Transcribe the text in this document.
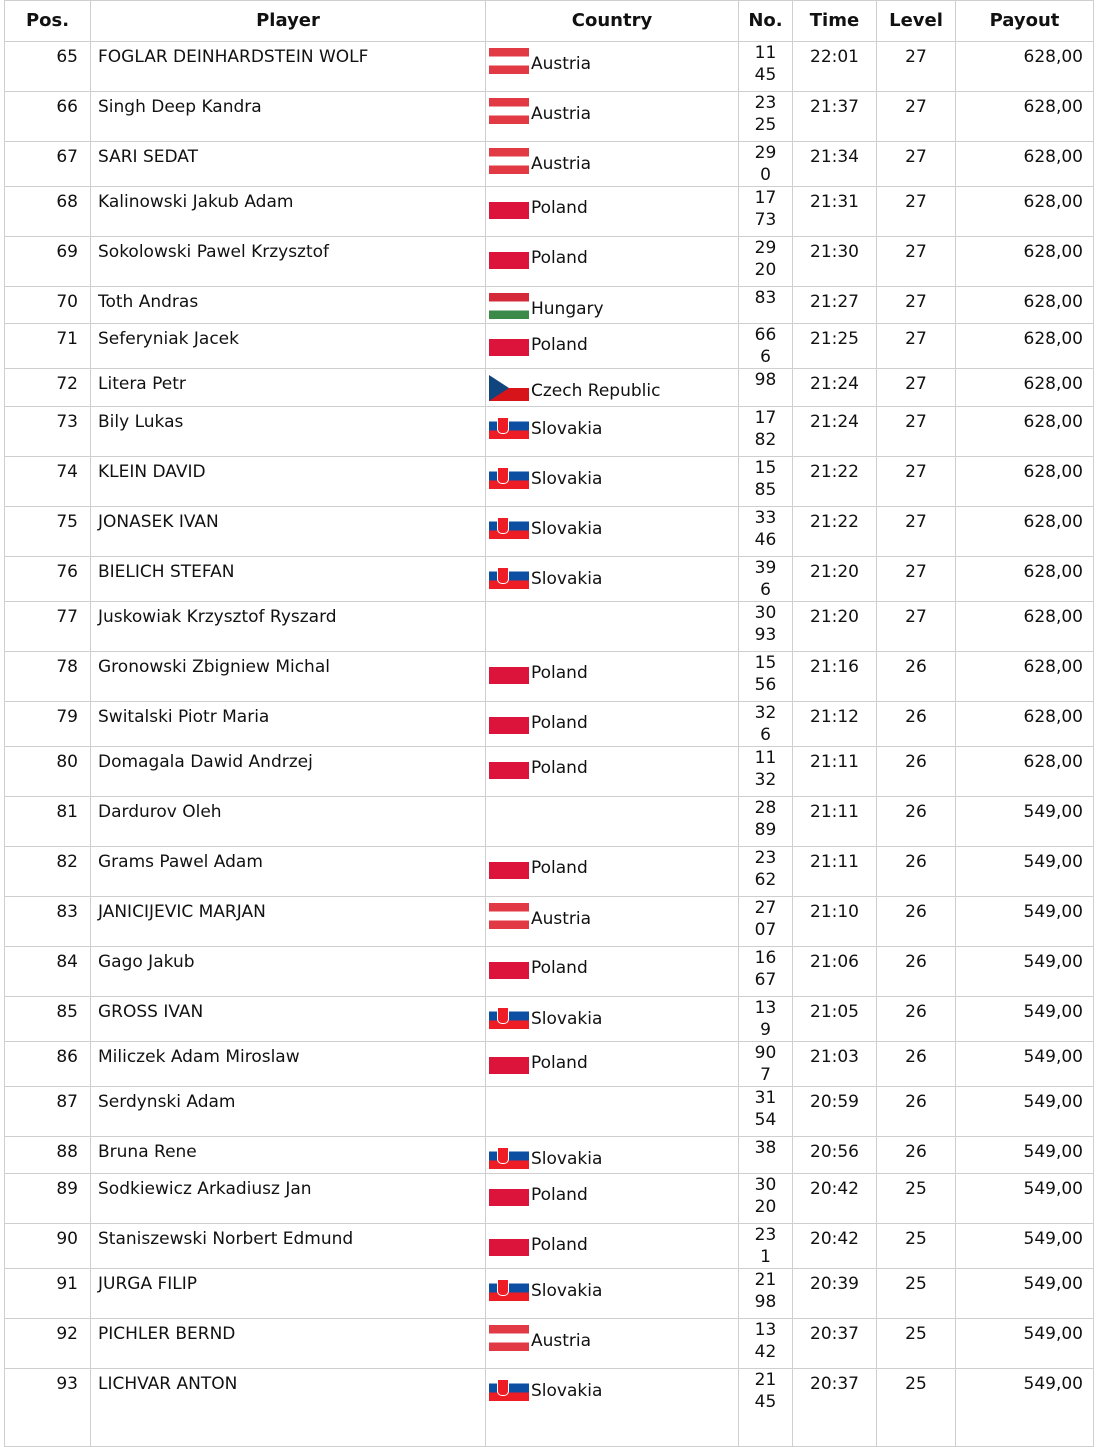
Pos.	Player	Country	No.	Time	Level	Payout
65	FOGLAR DEINHARDSTEIN WOLF	Austria	1145	22:01	27	628,00
66	Singh Deep Kandra	Austria	2325	21:37	27	628,00
67	SARI SEDAT	Austria	290	21:34	27	628,00
68	Kalinowski Jakub Adam	Poland	1773	21:31	27	628,00
69	Sokolowski Pawel Krzysztof	Poland	2920	21:30	27	628,00
70	Toth Andras	Hungary	83	21:27	27	628,00
71	Seferyniak Jacek	Poland	666	21:25	27	628,00
72	Litera Petr	Czech Republic	98	21:24	27	628,00
73	Bily Lukas	Slovakia	1782	21:24	27	628,00
74	KLEIN DAVID	Slovakia	1585	21:22	27	628,00
75	JONASEK IVAN	Slovakia	3346	21:22	27	628,00
76	BIELICH STEFAN	Slovakia	396	21:20	27	628,00
77	Juskowiak Krzysztof Ryszard		3093	21:20	27	628,00
78	Gronowski Zbigniew Michal	Poland	1556	21:16	26	628,00
79	Switalski Piotr Maria	Poland	326	21:12	26	628,00
80	Domagala Dawid Andrzej	Poland	1132	21:11	26	628,00
81	Dardurov Oleh		2889	21:11	26	549,00
82	Grams Pawel Adam	Poland	2362	21:11	26	549,00
83	JANICIJEVIC MARJAN	Austria	2707	21:10	26	549,00
84	Gago Jakub	Poland	1667	21:06	26	549,00
85	GROSS IVAN	Slovakia	139	21:05	26	549,00
86	Miliczek Adam Miroslaw	Poland	907	21:03	26	549,00
87	Serdynski Adam		3154	20:59	26	549,00
88	Bruna Rene	Slovakia	38	20:56	26	549,00
89	Sodkiewicz Arkadiusz Jan	Poland	3020	20:42	25	549,00
90	Staniszewski Norbert Edmund	Poland	231	20:42	25	549,00
91	JURGA FILIP	Slovakia	2198	20:39	25	549,00
92	PICHLER BERND	Austria	1342	20:37	25	549,00
93	LICHVAR ANTON	Slovakia	2145	20:37	25	549,00
